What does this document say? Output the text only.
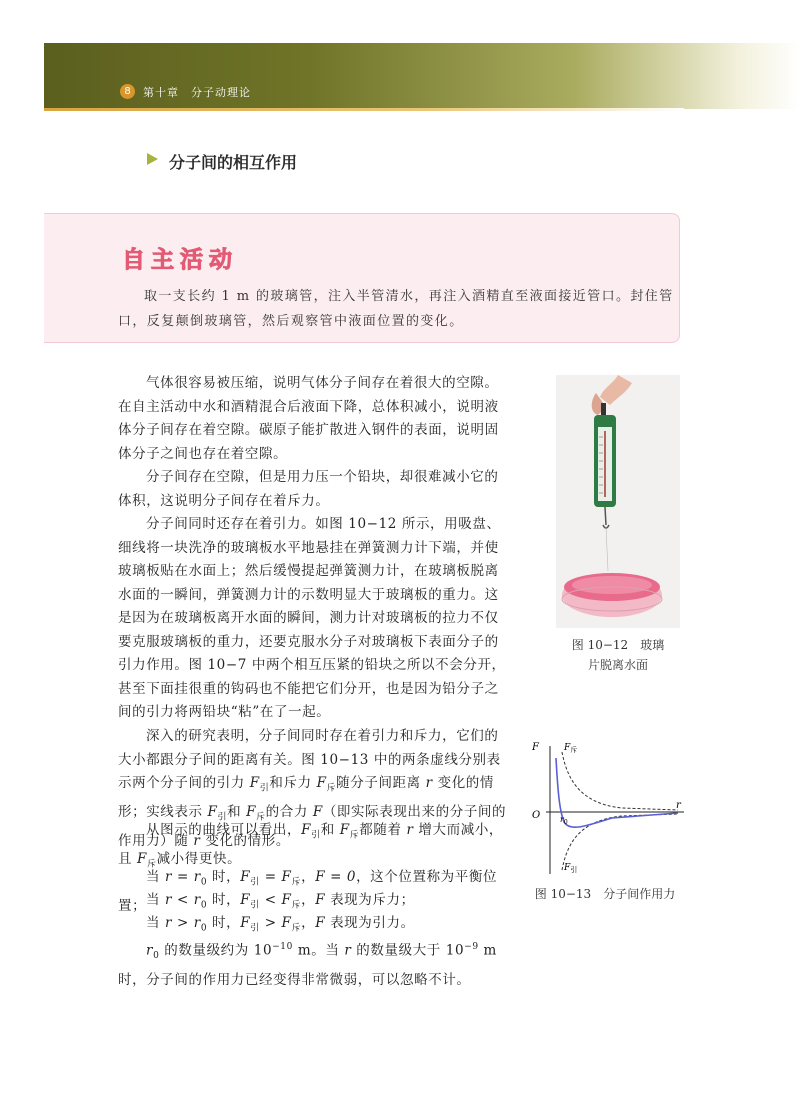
8	第十章　分子动理论
分子间的相互作用
自主活动
取一支长约 1 m 的玻璃管，注入半管清水，再注入酒精直至液面接近管口。封住管口，反复颠倒玻璃管，然后观察管中液面位置的变化。
气体很容易被压缩，说明气体分子间存在着很大的空隙。在自主活动中水和酒精混合后液面下降，总体积减小，说明液体分子间存在着空隙。碳原子能扩散进入钢件的表面，说明固体分子之间也存在着空隙。
分子间存在空隙，但是用力压一个铅块，却很难减小它的体积，这说明分子间存在着斥力。
分子间同时还存在着引力。如图 10−12 所示，用吸盘、细线将一块洗净的玻璃板水平地悬挂在弹簧测力计下端，并使玻璃板贴在水面上；然后缓慢提起弹簧测力计，在玻璃板脱离水面的一瞬间，弹簧测力计的示数明显大于玻璃板的重力。这是因为在玻璃板离开水面的瞬间，测力计对玻璃板的拉力不仅要克服玻璃板的重力，还要克服水分子对玻璃板下表面分子的引力作用。图 10−7 中两个相互压紧的铅块之所以不会分开，甚至下面挂很重的钩码也不能把它们分开，也是因为铅分子之间的引力将两铅块“粘”在了一起。
深入的研究表明，分子间同时存在着引力和斥力，它们的大小都跟分子间的距离有关。图 10−13 中的两条虚线分别表示两个分子间的引力 $F_引$和斥力 $F_斥$随分子间距离 r 变化的情形；实线表示 $F_引$和 $F_斥$的合力 F（即实际表现出来的分子间的作用力）随 r 变化的情形。
从图示的曲线可以看出，$F_引$和 $F_斥$都随着 r 增大而减小，且 $F_斥$减小得更快。
当 $r = r_0$ 时，$F_引 = F_斥$，F = 0，这个位置称为平衡位置； 当 $r < r_0$ 时，$F_引 < F_斥$，F 表现为斥力；
当 $r > r_0$ 时，$F_引 > F_斥$，F 表现为引力。
$r_0$ 的数量级约为 $10^{-10}$ m。当 r 的数量级大于 $10^{-9}$ m 时，分子间的作用力已经变得非常微弱，可以忽略不计。
图 10−12　玻璃
片脱离水面
F
r
O
$F_斥$
$F_引$
$r_0$
图 10−13　分子间作用力
